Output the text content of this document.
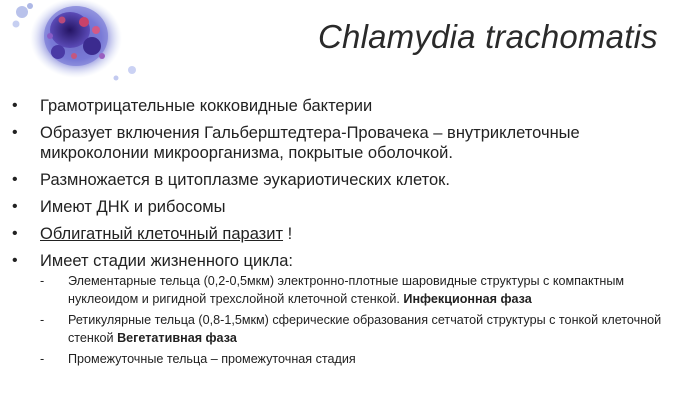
Chlamydia trachomatis
• Грамотрицательные кокковидные бактерии
• Образует включения Гальберштедтера-Провачека – внутриклеточные микроколонии микроорганизма, покрытые оболочкой.
• Размножается в цитоплазме эукариотических клеток.
• Имеют ДНК и рибосомы
• Облигатный клеточный паразит !
• Имеет стадии жизненного цикла:
- Элементарные тельца (0,2-0,5мкм) электронно-плотные шаровидные структуры с компактным нуклеоидом и ригидной трехслойной клеточной стенкой. Инфекционная фаза
- Ретикулярные тельца (0,8-1,5мкм) сферические образования сетчатой структуры с тонкой клеточной стенкой Вегетативная фаза
- Промежуточные тельца – промежуточная стадия
